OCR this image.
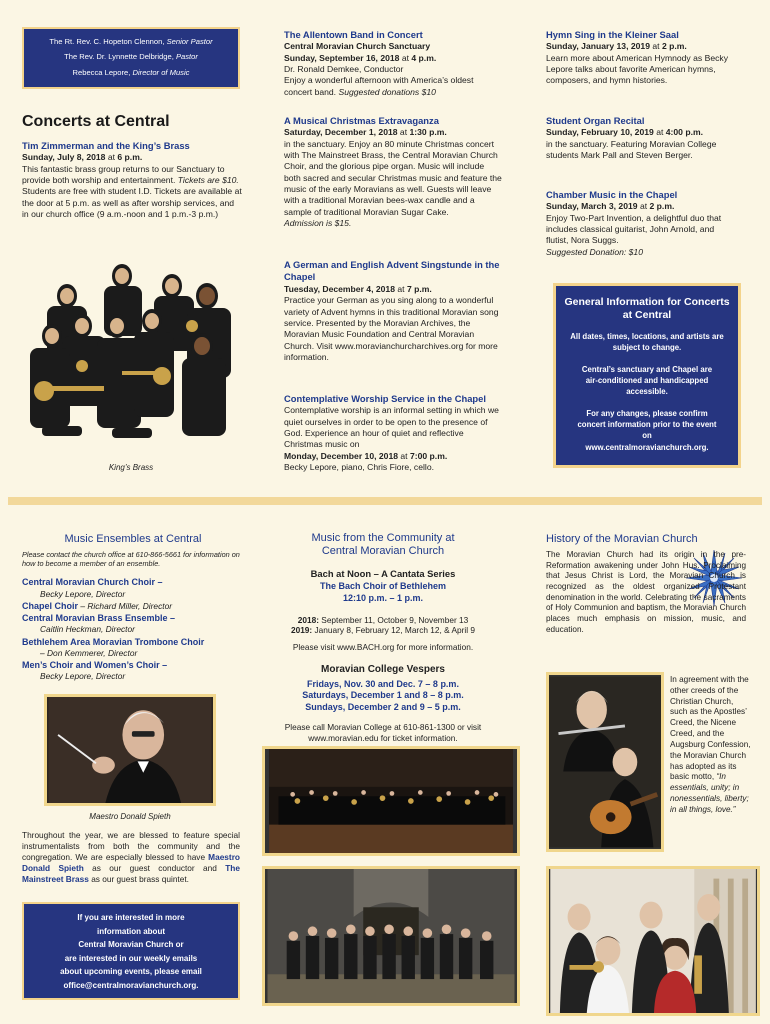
The Rt. Rev. C. Hopeton Clennon, Senior Pastor

The Rev. Dr. Lynnette Delbridge, Pastor

Rebecca Lepore, Director of Music

Concerts at Central

Tim Zimmerman and the King’s Brass

Sunday, July 8, 2018 at 6 p.m.

This fantastic brass group returns to our Sanctuary to provide both worship and entertainment. Tickets are $10. Students are free with student I.D. Tickets are available at the door at 5 p.m. as well as after worship services, and in our church office (9 a.m.-noon and 1 p.m.-3 p.m.)

King’s Brass

The Allentown Band in Concert

Central Moravian Church Sanctuary

Sunday, September 16, 2018 at 4 p.m.

Dr. Ronald Demkee, Conductor

Enjoy a wonderful afternoon with America’s oldest concert band. Suggested donations $10

A Musical Christmas Extravaganza

Saturday, December 1, 2018 at 1:30 p.m.

in the sanctuary. Enjoy an 80 minute Christmas concert with The Mainstreet Brass, the Central Moravian Church Choir, and the glorious pipe organ. Music will include both sacred and secular Christmas music and feature the music of the early Moravians as well. Guests will leave with a traditional Moravian bees-wax candle and a sample of traditional Moravian Sugar Cake.

Admission is $15.

A German and English Advent Singstunde in the Chapel

Tuesday, December 4, 2018 at 7 p.m.

Practice your German as you sing along to a wonderful variety of Advent hymns in this traditional Moravian song service. Presented by the Moravian Archives, the Moravian Music Foundation and Central Moravian Church. Visit www.moravianchurcharchives.org for more information.

Contemplative Worship Service in the Chapel

Contemplative worship is an informal setting in which we quiet ourselves in order to be open to the presence of God. Experience an hour of quiet and reflective Christmas music on

Monday, December 10, 2018 at 7:00 p.m.

Becky Lepore, piano, Chris Fiore, cello.

Hymn Sing in the Kleiner Saal

Sunday, January 13, 2019 at 2 p.m.

Learn more about American Hymnody as Becky Lepore talks about favorite American hymns, composers, and hymn histories.

Student Organ Recital

Sunday, February 10, 2019 at 4:00 p.m.

in the sanctuary. Featuring Moravian College students Mark Pall and Steven Berger.

Chamber Music in the Chapel

Sunday, March 3, 2019 at 2 p.m.

Enjoy Two-Part Invention, a delightful duo that includes classical guitarist, John Arnold, and flutist, Nora Suggs.

Suggested Donation: $10

General Information for Concerts at Central

All dates, times, locations, and artists are subject to change.

Central’s sanctuary and Chapel are air-conditioned and handicapped accessible.

For any changes, please confirm concert information prior to the event on

www.centralmoravianchurch.org.

Music Ensembles at Central

Please contact the church office at 610-866-5661 for information on how to become a member of an ensemble.

Central Moravian Church Choir –

Becky Lepore, Director

Chapel Choir – Richard Miller, Director

Central Moravian Brass Ensemble –

Caitlin Heckman, Director

Bethlehem Area Moravian Trombone Choir

– Don Kemmerer, Director

Men’s Choir and Women’s Choir –

Becky Lepore, Director

Maestro Donald Spieth
Throughout the year, we are blessed to feature special instrumentalists from both the community and the congregation. We are especially blessed to have Maestro Donald Spieth as our guest conductor and The Mainstreet Brass as our guest brass quintet.

If you are interested in more

information about

Central Moravian Church or

are interested in our weekly emails

about upcoming events, please email

office@centralmoravianchurch.org.

Music from the Community at Central Moravian Church

Bach at Noon – A Cantata Series

The Bach Choir of Bethlehem

12:10 p.m. – 1 p.m.

2018: September 11, October 9, November 13

2019: January 8, February 12, March 12, & April 9

Please visit www.BACH.org for more information.

Moravian College Vespers

Fridays, Nov. 30 and Dec. 7 – 8 p.m.

Saturdays, December 1 and 8 – 8 p.m.

Sundays, December 2 and 9 – 5 p.m.

Please call Moravian College at 610-861-1300 or visit www.moravian.edu for ticket information.

History of the Moravian Church
The Moravian Church had its origin in the pre-Reformation awakening under John Hus. Proclaiming that Jesus Christ is Lord, the Moravian Church is recognized as the oldest organized Protestant denomination in the world. Celebrating the sacraments of Holy Communion and baptism, the Moravian Church places much emphasis on mission, music, and education.
In agreement with the other creeds of the Christian Church, such as the Apostles’ Creed, the Nicene Creed, and the Augsburg Confession, the Moravian Church has adopted as its basic motto, “In essentials, unity; in nonessentials, liberty; in all things, love.”
